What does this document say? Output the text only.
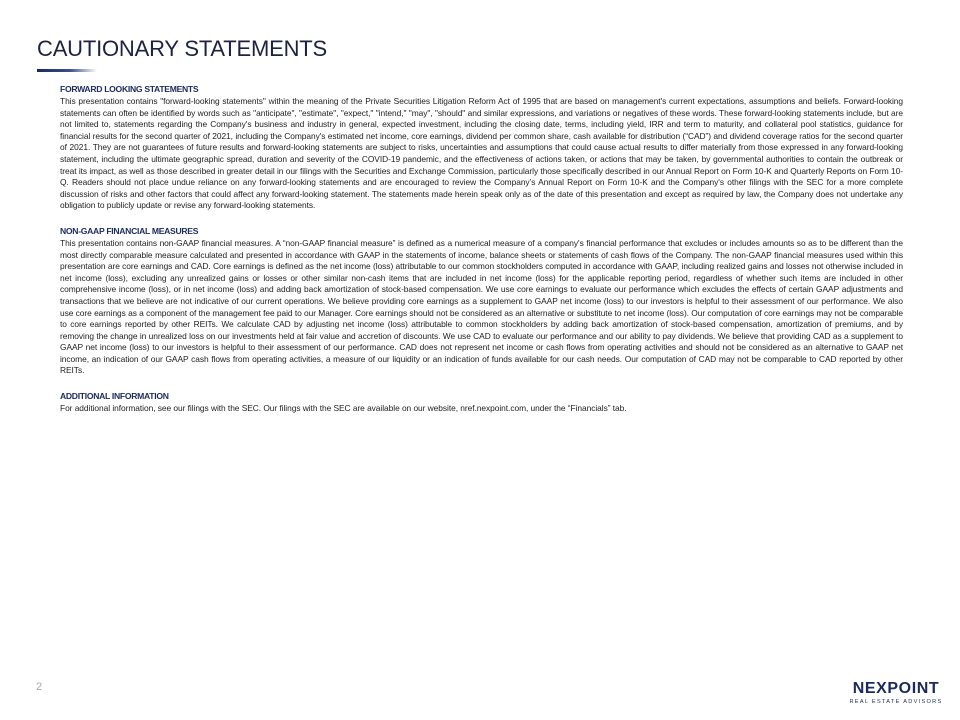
CAUTIONARY STATEMENTS
FORWARD LOOKING STATEMENTS

This presentation contains "forward-looking statements" within the meaning of the Private Securities Litigation Reform Act of 1995 that are based on management's current expectations, assumptions and beliefs. Forward-looking statements can often be identified by words such as "anticipate", "estimate", "expect," "intend," "may", "should" and similar expressions, and variations or negatives of these words. These forward-looking statements include, but are not limited to, statements regarding the Company's business and industry in general, expected investment, including the closing date, terms, including yield, IRR and term to maturity, and collateral pool statistics, guidance for financial results for the second quarter of 2021, including the Company's estimated net income, core earnings, dividend per common share, cash available for distribution (“CAD”) and dividend coverage ratios for the second quarter of 2021. They are not guarantees of future results and forward-looking statements are subject to risks, uncertainties and assumptions that could cause actual results to differ materially from those expressed in any forward-looking statement, including the ultimate geographic spread, duration and severity of the COVID-19 pandemic, and the effectiveness of actions taken, or actions that may be taken, by governmental authorities to contain the outbreak or treat its impact, as well as those described in greater detail in our filings with the Securities and Exchange Commission, particularly those specifically described in our Annual Report on Form 10-K and Quarterly Reports on Form 10-Q. Readers should not place undue reliance on any forward-looking statements and are encouraged to review the Company’s Annual Report on Form 10-K and the Company's other filings with the SEC for a more complete discussion of risks and other factors that could affect any forward-looking statement. The statements made herein speak only as of the date of this presentation and except as required by law, the Company does not undertake any obligation to publicly update or revise any forward-looking statements.

NON-GAAP FINANCIAL MEASURES

This presentation contains non-GAAP financial measures. A “non-GAAP financial measure” is defined as a numerical measure of a company's financial performance that excludes or includes amounts so as to be different than the most directly comparable measure calculated and presented in accordance with GAAP in the statements of income, balance sheets or statements of cash flows of the Company. The non-GAAP financial measures used within this presentation are core earnings and CAD. Core earnings is defined as the net income (loss) attributable to our common stockholders computed in accordance with GAAP, including realized gains and losses not otherwise included in net income (loss), excluding any unrealized gains or losses or other similar non-cash items that are included in net income (loss) for the applicable reporting period, regardless of whether such items are included in other comprehensive income (loss), or in net income (loss) and adding back amortization of stock-based compensation. We use core earnings to evaluate our performance which excludes the effects of certain GAAP adjustments and transactions that we believe are not indicative of our current operations. We believe providing core earnings as a supplement to GAAP net income (loss) to our investors is helpful to their assessment of our performance. We also use core earnings as a component of the management fee paid to our Manager. Core earnings should not be considered as an alternative or substitute to net income (loss). Our computation of core earnings may not be comparable to core earnings reported by other REITs. We calculate CAD by adjusting net income (loss) attributable to common stockholders by adding back amortization of stock-based compensation, amortization of premiums, and by removing the change in unrealized loss on our investments held at fair value and accretion of discounts. We use CAD to evaluate our performance and our ability to pay dividends. We believe that providing CAD as a supplement to GAAP net income (loss) to our investors is helpful to their assessment of our performance. CAD does not represent net income or cash flows from operating activities and should not be considered as an alternative to GAAP net income, an indication of our GAAP cash flows from operating activities, a measure of our liquidity or an indication of funds available for our cash needs. Our computation of CAD may not be comparable to CAD reported by other REITs.

ADDITIONAL INFORMATION

For additional information, see our filings with the SEC. Our filings with the SEC are available on our website, nref.nexpoint.com, under the “Financials” tab.

2	NEXPOINT
REAL ESTATE ADVISORS
